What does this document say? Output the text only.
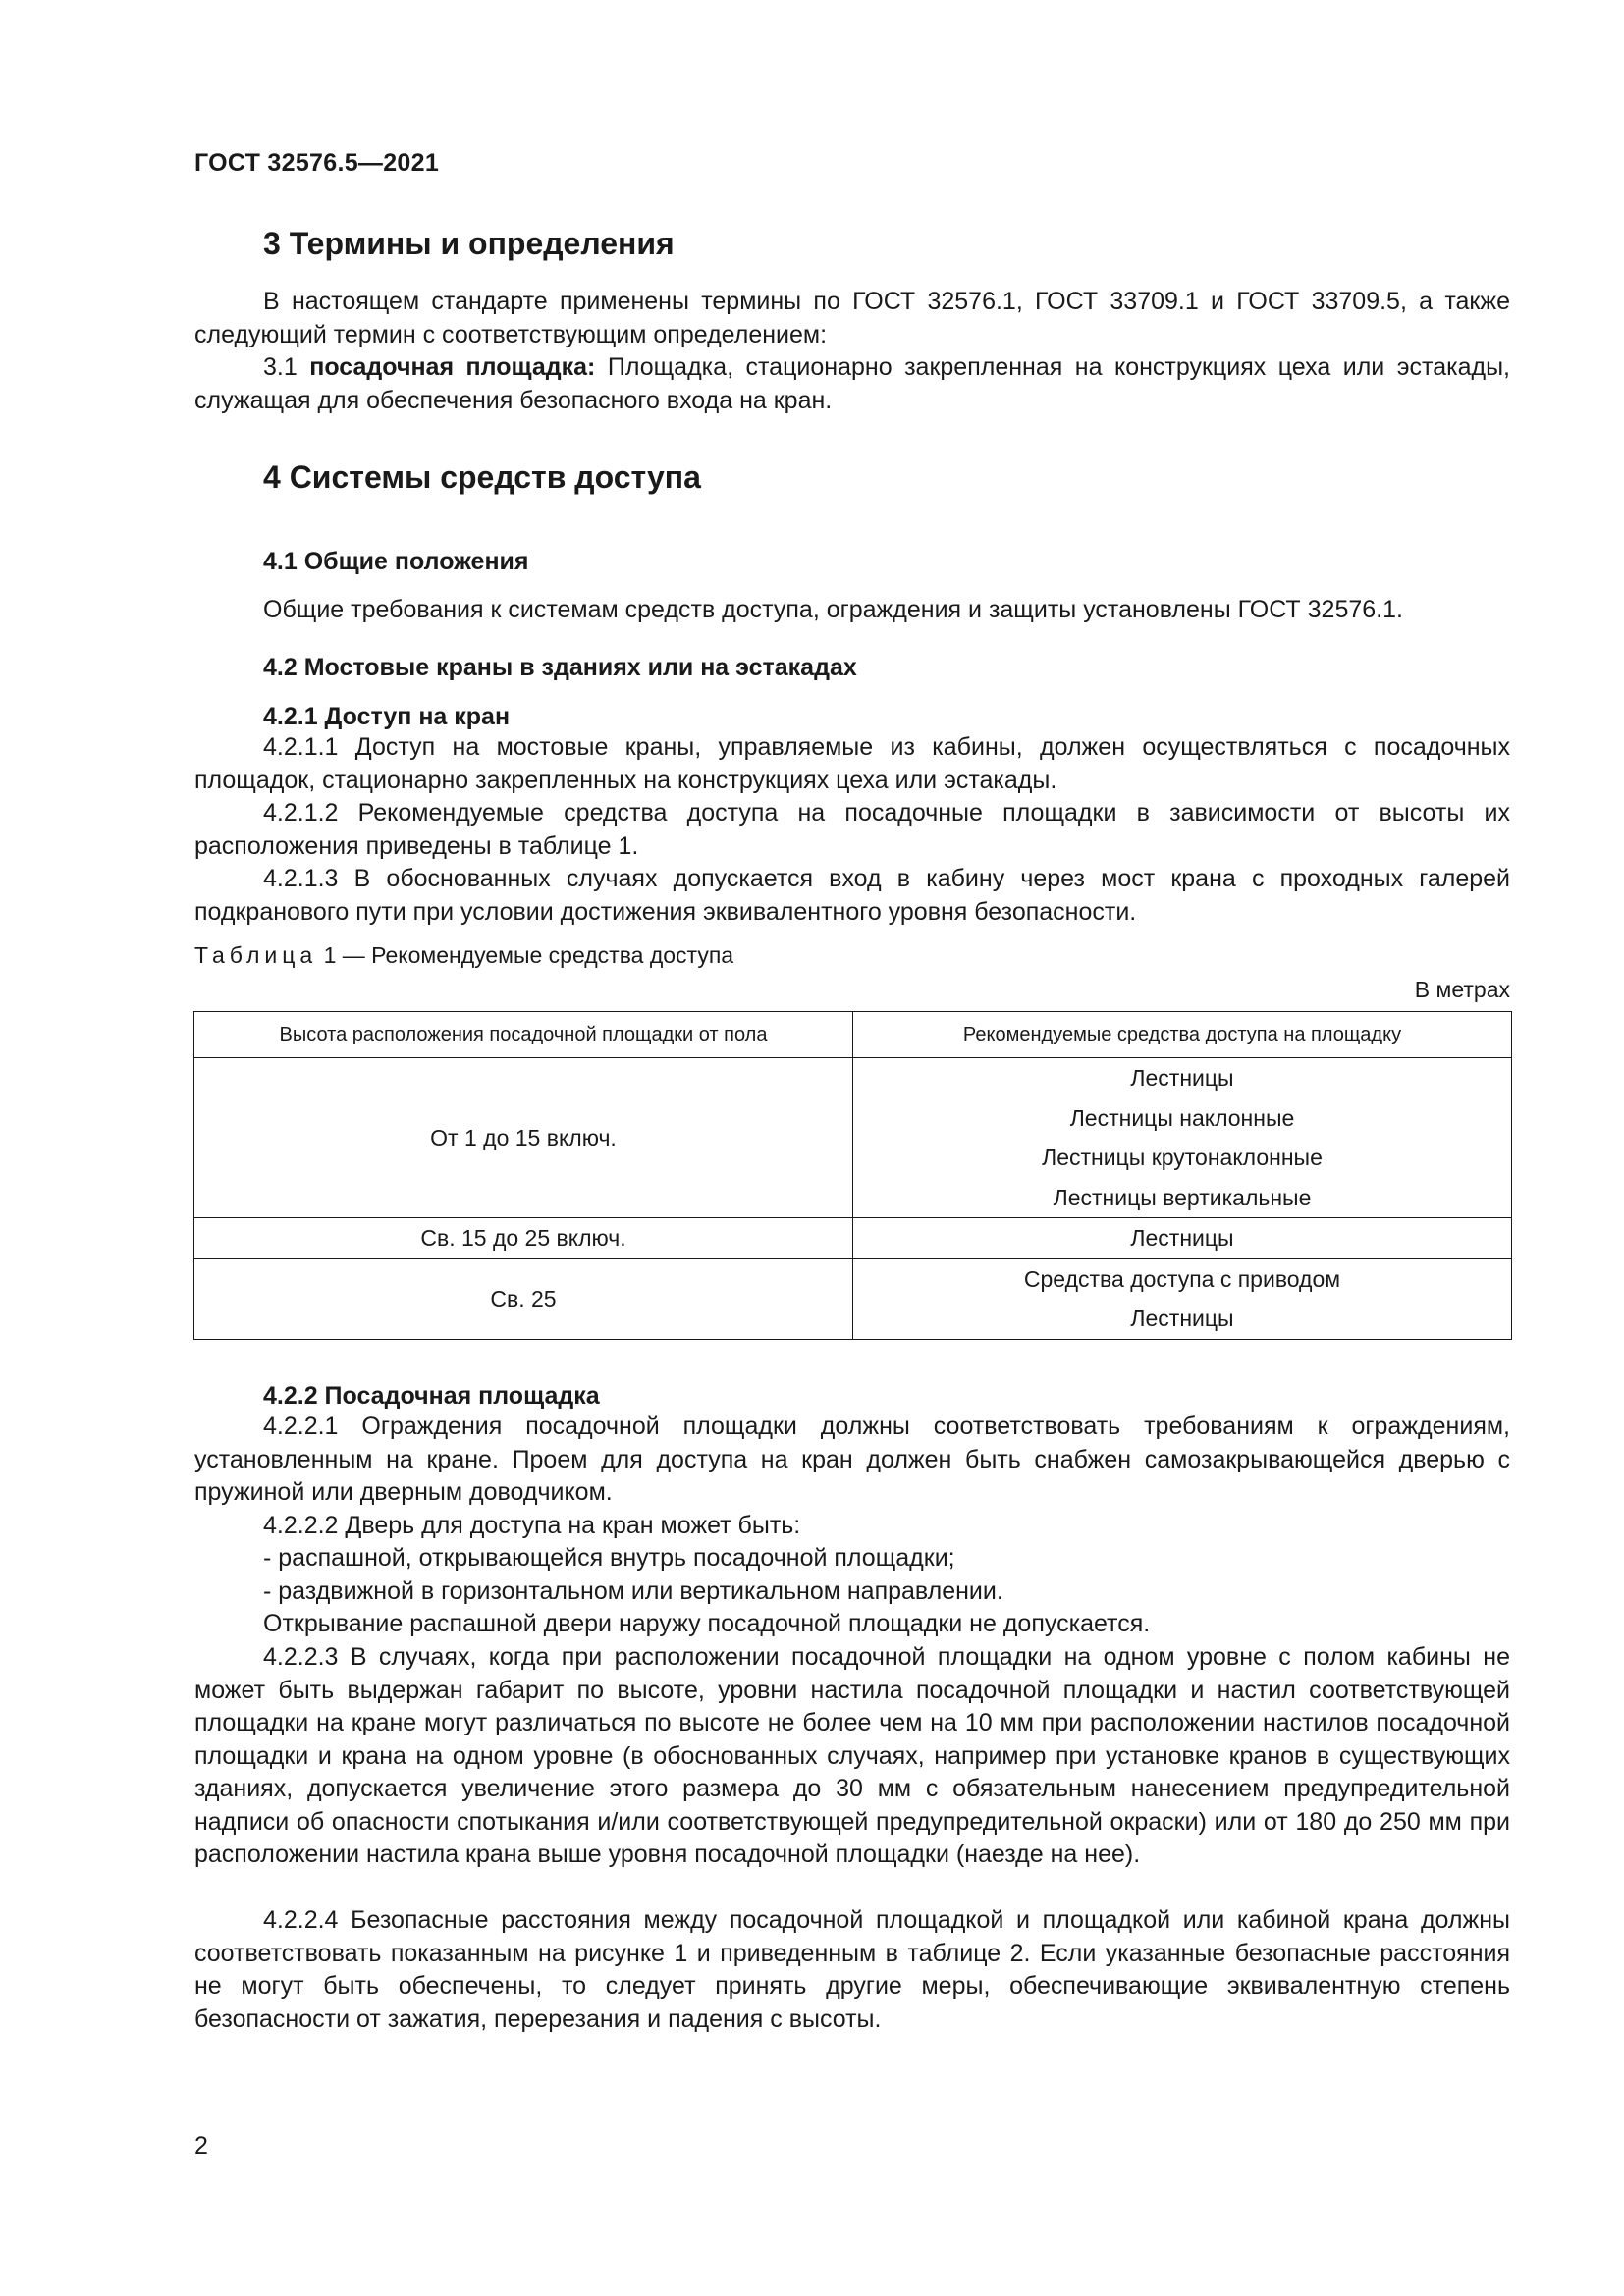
ГОСТ 32576.5—2021
3 Термины и определения
В настоящем стандарте применены термины по ГОСТ 32576.1, ГОСТ 33709.1 и ГОСТ 33709.5, а также следующий термин с соответствующим определением:
3.1 посадочная площадка: Площадка, стационарно закрепленная на конструкциях цеха или эстакады, служащая для обеспечения безопасного входа на кран.
4 Системы средств доступа
4.1 Общие положения
Общие требования к системам средств доступа, ограждения и защиты установлены ГОСТ 32576.1.
4.2 Мостовые краны в зданиях или на эстакадах
4.2.1 Доступ на кран
4.2.1.1 Доступ на мостовые краны, управляемые из кабины, должен осуществляться с посадочных площадок, стационарно закрепленных на конструкциях цеха или эстакады.
4.2.1.2 Рекомендуемые средства доступа на посадочные площадки в зависимости от высоты их расположения приведены в таблице 1.
4.2.1.3 В обоснованных случаях допускается вход в кабину через мост крана с проходных галерей подкранового пути при условии достижения эквивалентного уровня безопасности.
Таблица 1 — Рекомендуемые средства доступа
В метрах
Высота расположения посадочной площадки от пола	Рекомендуемые средства доступа на площадку
От 1 до 15 включ.	Лестницы
Лестницы наклонные
Лестницы крутонаклонные
Лестницы вертикальные

Св. 15 до 25 включ.	Лестницы

Св. 25	Средства доступа с приводом
Лестницы
4.2.2 Посадочная площадка
4.2.2.1 Ограждения посадочной площадки должны соответствовать требованиям к ограждениям, установленным на кране. Проем для доступа на кран должен быть снабжен самозакрывающейся дверью с пружиной или дверным доводчиком.
4.2.2.2 Дверь для доступа на кран может быть:
- распашной, открывающейся внутрь посадочной площадки;
- раздвижной в горизонтальном или вертикальном направлении.
Открывание распашной двери наружу посадочной площадки не допускается.
4.2.2.3 В случаях, когда при расположении посадочной площадки на одном уровне с полом кабины не может быть выдержан габарит по высоте, уровни настила посадочной площадки и настил соответствующей площадки на кране могут различаться по высоте не более чем на 10 мм при расположении настилов посадочной площадки и крана на одном уровне (в обоснованных случаях, например при установке кранов в существующих зданиях, допускается увеличение этого размера до 30 мм с обязательным нанесением предупредительной надписи об опасности спотыкания и/или соответствующей предупредительной окраски) или от 180 до 250 мм при расположении настила крана выше уровня посадочной площадки (наезде на нее).
4.2.2.4 Безопасные расстояния между посадочной площадкой и площадкой или кабиной крана должны соответствовать показанным на рисунке 1 и приведенным в таблице 2. Если указанные безопасные расстояния не могут быть обеспечены, то следует принять другие меры, обеспечивающие эквивалентную степень безопасности от зажатия, перерезания и падения с высоты.
2
